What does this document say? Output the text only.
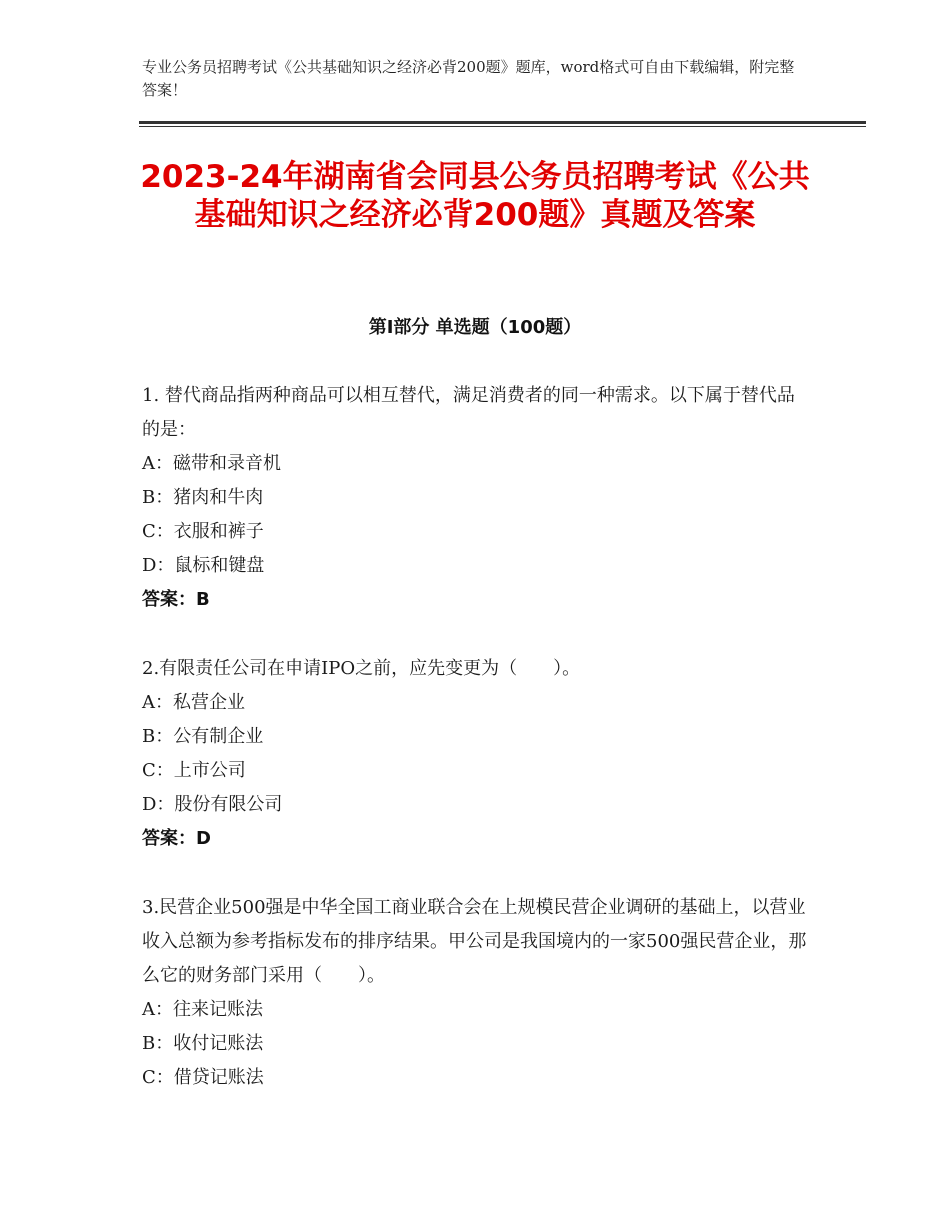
专业公务员招聘考试《公共基础知识之经济必背200题》题库，word格式可自由下载编辑，附完整答案！
2023-24年湖南省会同县公务员招聘考试《公共基础知识之经济必背200题》真题及答案
第Ⅰ部分 单选题（100题）
1. 替代商品指两种商品可以相互替代，满足消费者的同一种需求。以下属于替代品的是：
A：磁带和录音机
B：猪肉和牛肉
C：衣服和裤子
D：鼠标和键盘
答案：B
2.有限责任公司在申请IPO之前，应先变更为（　　）。
A：私营企业
B：公有制企业
C：上市公司
D：股份有限公司
答案：D
3.民营企业500强是中华全国工商业联合会在上规模民营企业调研的基础上，以营业收入总额为参考指标发布的排序结果。甲公司是我国境内的一家500强民营企业，那么它的财务部门采用（　　）。
A：往来记账法
B：收付记账法
C：借贷记账法
